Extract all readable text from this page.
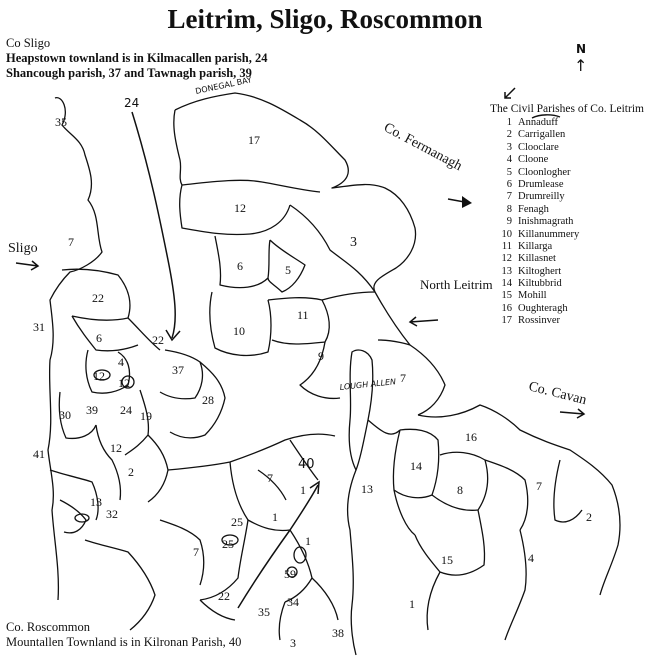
Leitrim, Sligo, Roscommon
Co Sligo
Heapstown townland is in Kilmacallen parish, 24
Shancough parish, 37 and Tawnagh parish, 39
Co. Roscommon
Mountallen Townland is in Kilronan Parish, 40
N
↑
The Civil Parishes of Co. Leitrim
1 Annaduff
2 Carrigallen
3 Clooclare
4 Cloone
5 Cloonlogher
6 Drumlease
7 Drumreilly
8 Fenagh
9 Inishmagrath
10 Killanummery
11 Killarga
12 Killasnet
13 Kiltoghert
14 Kiltubbrid
15 Mohill
16 Oughteragh
17 Rossinver
17
12
3
6	5
11
10
9
7
16
14
8	7
2
4
15
1
13
35
7
22
31
6	22
4
12 12
37
28
30 39 24 19
12
41
2
13
32
7
25
25
1
1
59
22
35
34
3
38
1
7
DONEGAL BAY
24
40
LOUGH ALLEN
Sligo
Co. Fermanagh
North Leitrim
Co. Cavan
